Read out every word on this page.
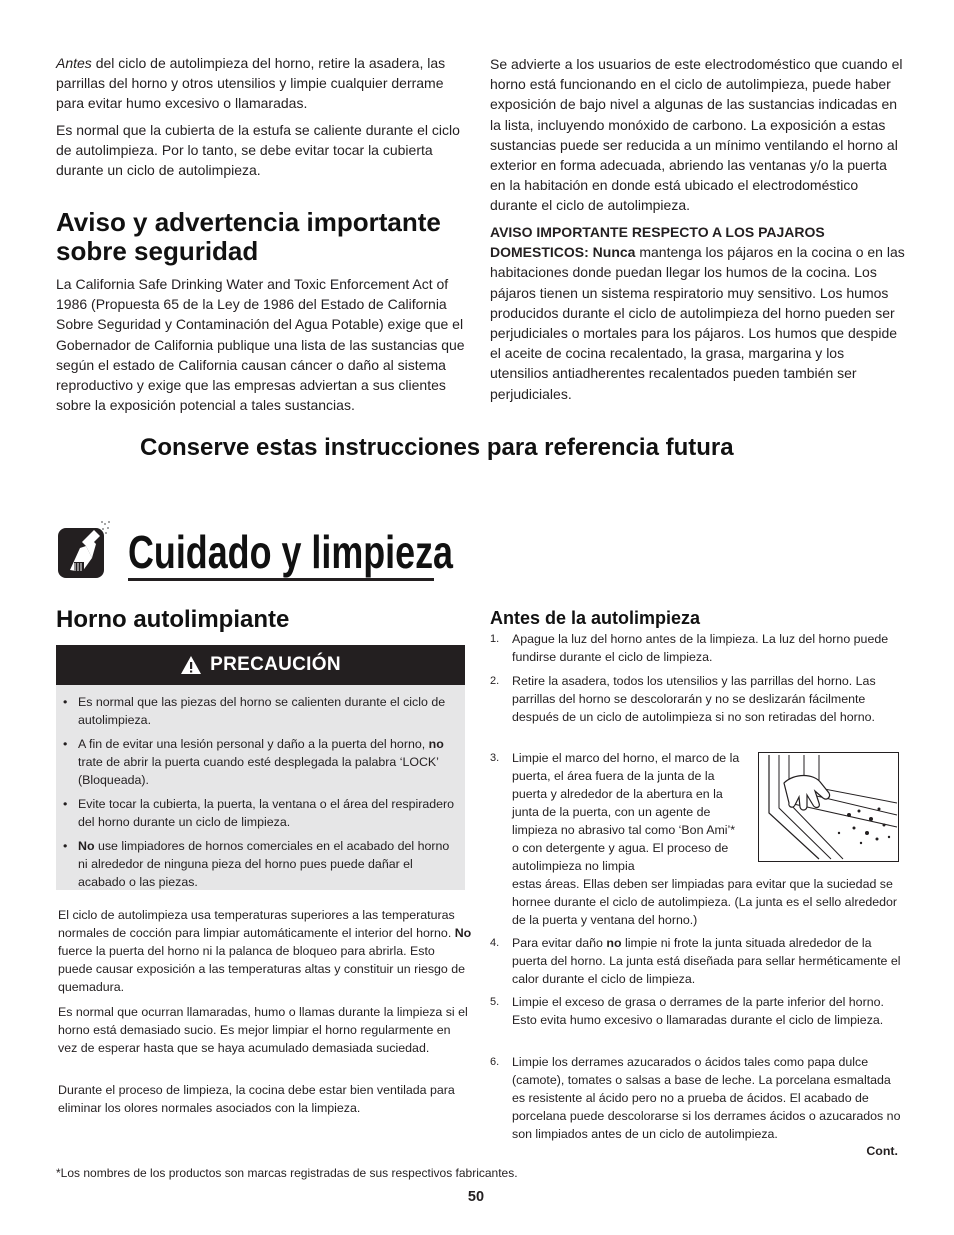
Antes del ciclo de autolimpieza del horno, retire la asadera, las parrillas del horno y otros utensilios y limpie cualquier derrame para evitar humo excesivo o llamaradas.

Es normal que la cubierta de la estufa se caliente durante el ciclo de autolimpieza. Por lo tanto, se debe evitar tocar la cubierta durante un ciclo de autolimpieza.
Aviso y advertencia importante sobre seguridad
La California Safe Drinking Water and Toxic Enforcement Act of 1986 (Propuesta 65 de la Ley de 1986 del Estado de California Sobre Seguridad y Contaminación del Agua Potable) exige que el Gobernador de California publique una lista de las sustancias que según el estado de California causan cáncer o daño al sistema reproductivo y exige que las empresas adviertan a sus clientes sobre la exposición potencial a tales sustancias.
Se advierte a los usuarios de este electrodoméstico que cuando el horno está funcionando en el ciclo de autolimpieza, puede haber exposición de bajo nivel a algunas de las sustancias indicadas en la lista, incluyendo monóxido de carbono. La exposición a estas sustancias puede ser reducida a un mínimo ventilando el horno al exterior en forma adecuada, abriendo las ventanas y/o la puerta en la habitación en donde está ubicado el electrodoméstico durante el ciclo de autolimpieza.

AVISO IMPORTANTE RESPECTO A LOS PAJAROS DOMESTICOS: Nunca mantenga los pájaros en la cocina o en las habitaciones donde puedan llegar los humos de la cocina. Los pájaros tienen un sistema respiratorio muy sensitivo. Los humos producidos durante el ciclo de autolimpieza del horno pueden ser perjudiciales o mortales para los pájaros. Los humos que despide el aceite de cocina recalentado, la grasa, margarina y los utensilios antiadherentes recalentados pueden también ser perjudiciales.

Conserve estas instrucciones para referencia futura
Cuidado y limpieza
Horno autolimpiante
PRECAUCIÓN
• Es normal que las piezas del horno se calienten durante el ciclo de autolimpieza.
• A fin de evitar una lesión personal y daño a la puerta del horno, no trate de abrir la puerta cuando esté desplegada la palabra ‘LOCK’ (Bloqueada).
• Evite tocar la cubierta, la puerta, la ventana o el área del respiradero del horno durante un ciclo de limpieza.
• No use limpiadores de hornos comerciales en el acabado del horno ni alrededor de ninguna pieza del horno pues puede dañar el acabado o las piezas.

El ciclo de autolimpieza usa temperaturas superiores a las temperaturas normales de cocción para limpiar automáticamente el interior del horno. No fuerce la puerta del horno ni la palanca de bloqueo para abrirla. Esto puede causar exposición a las temperaturas altas y constituir un riesgo de quemadura.

Es normal que ocurran llamaradas, humo o llamas durante la limpieza si el horno está demasiado sucio. Es mejor limpiar el horno regularmente en vez de esperar hasta que se haya acumulado demasiada suciedad.
Durante el proceso de limpieza, la cocina debe estar bien ventilada para eliminar los olores normales asociados con la limpieza.
Antes de la autolimpieza
1. Apague la luz del horno antes de la limpieza. La luz del horno puede fundirse durante el ciclo de limpieza.
2. Retire la asadera, todos los utensilios y las parrillas del horno. Las parrillas del horno se descolorarán y no se deslizarán fácilmente después de un ciclo de autolimpieza si no son retiradas del horno.
3. Limpie el marco del horno, el marco de la puerta, el área fuera de la junta de la puerta y alrededor de la abertura en la junta de la puerta, con un agente de limpieza no abrasivo tal como ‘Bon Ami’* o con detergente y agua. El proceso de autolimpieza no limpia
estas áreas. Ellas deben ser limpiadas para evitar que la suciedad se hornee durante el ciclo de autolimpieza. (La junta es el sello alrededor de la puerta y ventana del horno.)
4. Para evitar daño no limpie ni frote la junta situada alrededor de la puerta del horno. La junta está diseñada para sellar herméticamente el calor durante el ciclo de limpieza.
5. Limpie el exceso de grasa o derrames de la parte inferior del horno. Esto evita humo excesivo o llamaradas durante el ciclo de limpieza.
6. Limpie los derrames azucarados o ácidos tales como papa dulce (camote), tomates o salsas a base de leche. La porcelana esmaltada es resistente al ácido pero no a prueba de ácidos. El acabado de porcelana puede descolorarse si los derrames ácidos o azucarados no son limpiados antes de un ciclo de autolimpieza.
Cont.
*Los nombres de los productos son marcas registradas de sus respectivos fabricantes.
50
